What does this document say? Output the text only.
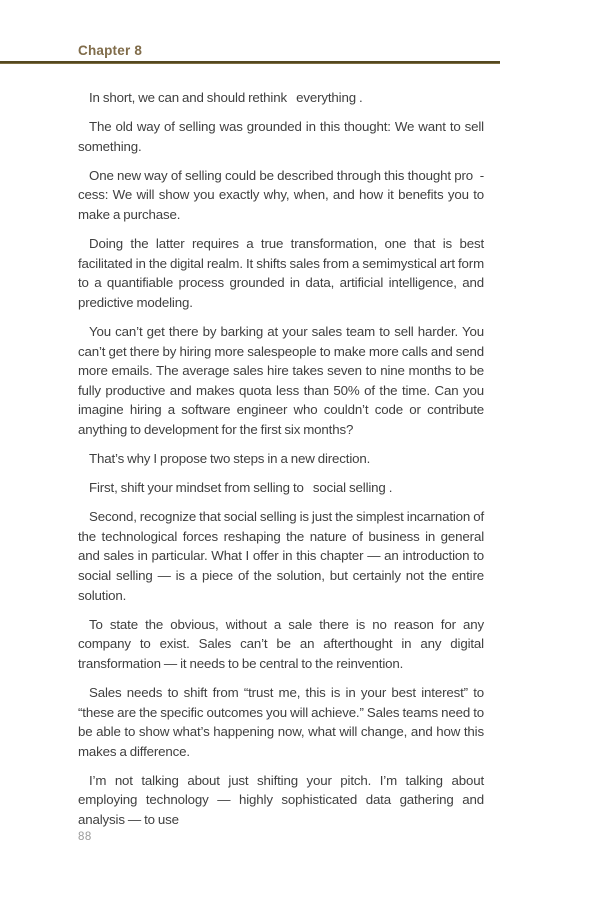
Chapter 8

In short, we can and should rethink   everything .

The old way of selling was grounded in this thought: We want to sell something.

One new way of selling could be described through this thought pro  -cess: We will show you exactly why, when, and how it benefits you to make a purchase.

Doing the latter requires a true transformation, one that is best facilitated in the digital realm. It shifts sales from a semimystical art form to a quantifiable process grounded in data, artificial intelligence, and predictive modeling.

You can’t get there by barking at your sales team to sell harder. You can’t get there by hiring more salespeople to make more calls and send more emails. The average sales hire takes seven to nine months to be fully productive and makes quota less than 50% of the time. Can you imagine hiring a software engineer who couldn’t code or contribute anything to development for the first six months?

That’s why I propose two steps in a new direction.

First, shift your mindset from selling to   social selling .

Second, recognize that social selling is just the simplest incarnation of the technological forces reshaping the nature of business in general and sales in particular. What I offer in this chapter — an introduction to social selling — is a piece of the solution, but certainly not the entire solution.

To state the obvious, without a sale there is no reason for any company to exist. Sales can’t be an afterthought in any digital transformation — it needs to be central to the reinvention.

Sales needs to shift from “trust me, this is in your best interest” to “these are the specific outcomes you will achieve.” Sales teams need to be able to show what’s happening now, what will change, and how this makes a difference.

I’m not talking about just shifting your pitch. I’m talking about employing technology — highly sophisticated data gathering and analysis — to use

88
